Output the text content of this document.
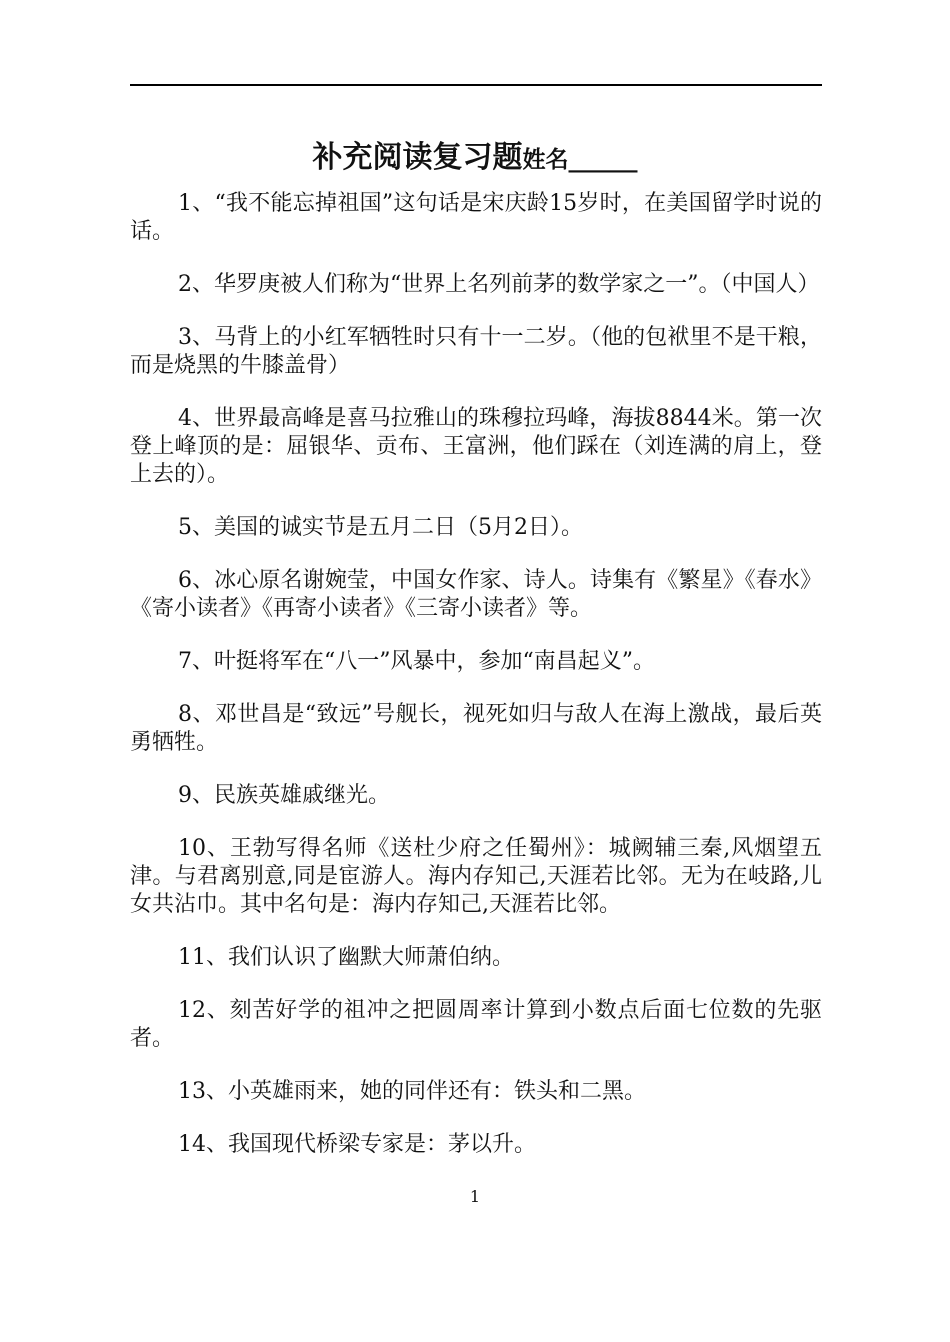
补充阅读复习题姓名______

1、“我不能忘掉祖国”这句话是宋庆龄15岁时，在美国留学时说的话。

2、华罗庚被人们称为“世界上名列前茅的数学家之一”。（中国人）

3、马背上的小红军牺牲时只有十一二岁。（他的包袱里不是干粮，而是烧黑的牛膝盖骨）

4、世界最高峰是喜马拉雅山的珠穆拉玛峰，海拔8844米。第一次登上峰顶的是：屈银华、贡布、王富洲，他们踩在（刘连满的肩上，登上去的）。

5、美国的诚实节是五月二日（5月2日）。

6、冰心原名谢婉莹，中国女作家、诗人。诗集有《繁星》《春水》《寄小读者》《再寄小读者》《三寄小读者》等。

7、叶挺将军在“八一”风暴中，参加“南昌起义”。

8、邓世昌是“致远”号舰长，视死如归与敌人在海上激战，最后英勇牺牲。

9、民族英雄戚继光。

10、王勃写得名师《送杜少府之任蜀州》：城阙辅三秦,风烟望五津。与君离别意,同是宦游人。海内存知己,天涯若比邻。无为在岐路,儿女共沾巾。其中名句是：海内存知己,天涯若比邻。

11、我们认识了幽默大师萧伯纳。

12、刻苦好学的祖冲之把圆周率计算到小数点后面七位数的先驱者。

13、小英雄雨来，她的同伴还有：铁头和二黑。

14、我国现代桥梁专家是：茅以升。

1
